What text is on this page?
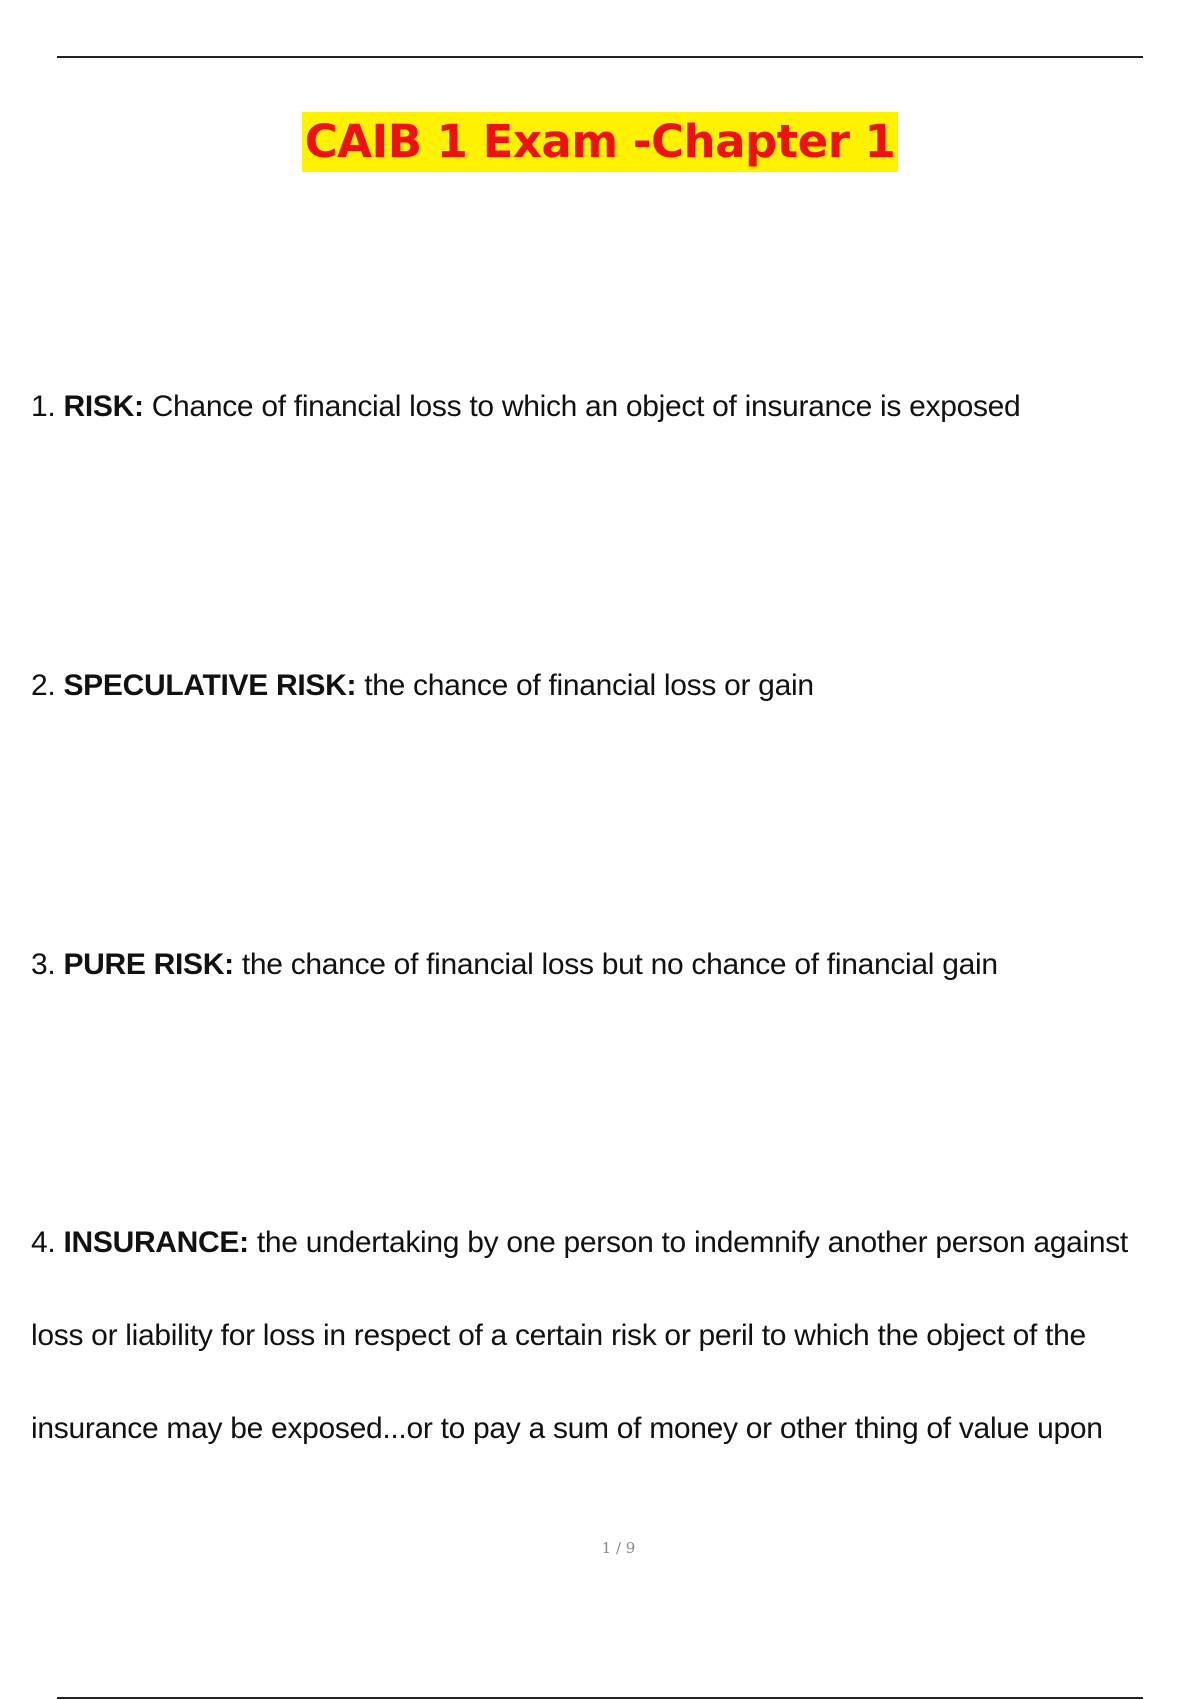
CAIB 1 Exam -Chapter 1
1. RISK: Chance of financial loss to which an object of insurance is exposed
2. SPECULATIVE RISK: the chance of financial loss or gain
3. PURE RISK: the chance of financial loss but no chance of financial gain
4. INSURANCE: the undertaking by one person to indemnify another person against
loss or liability for loss in respect of a certain risk or peril to which the object of the
insurance may be exposed...or to pay a sum of money or other thing of value upon
1 / 9
